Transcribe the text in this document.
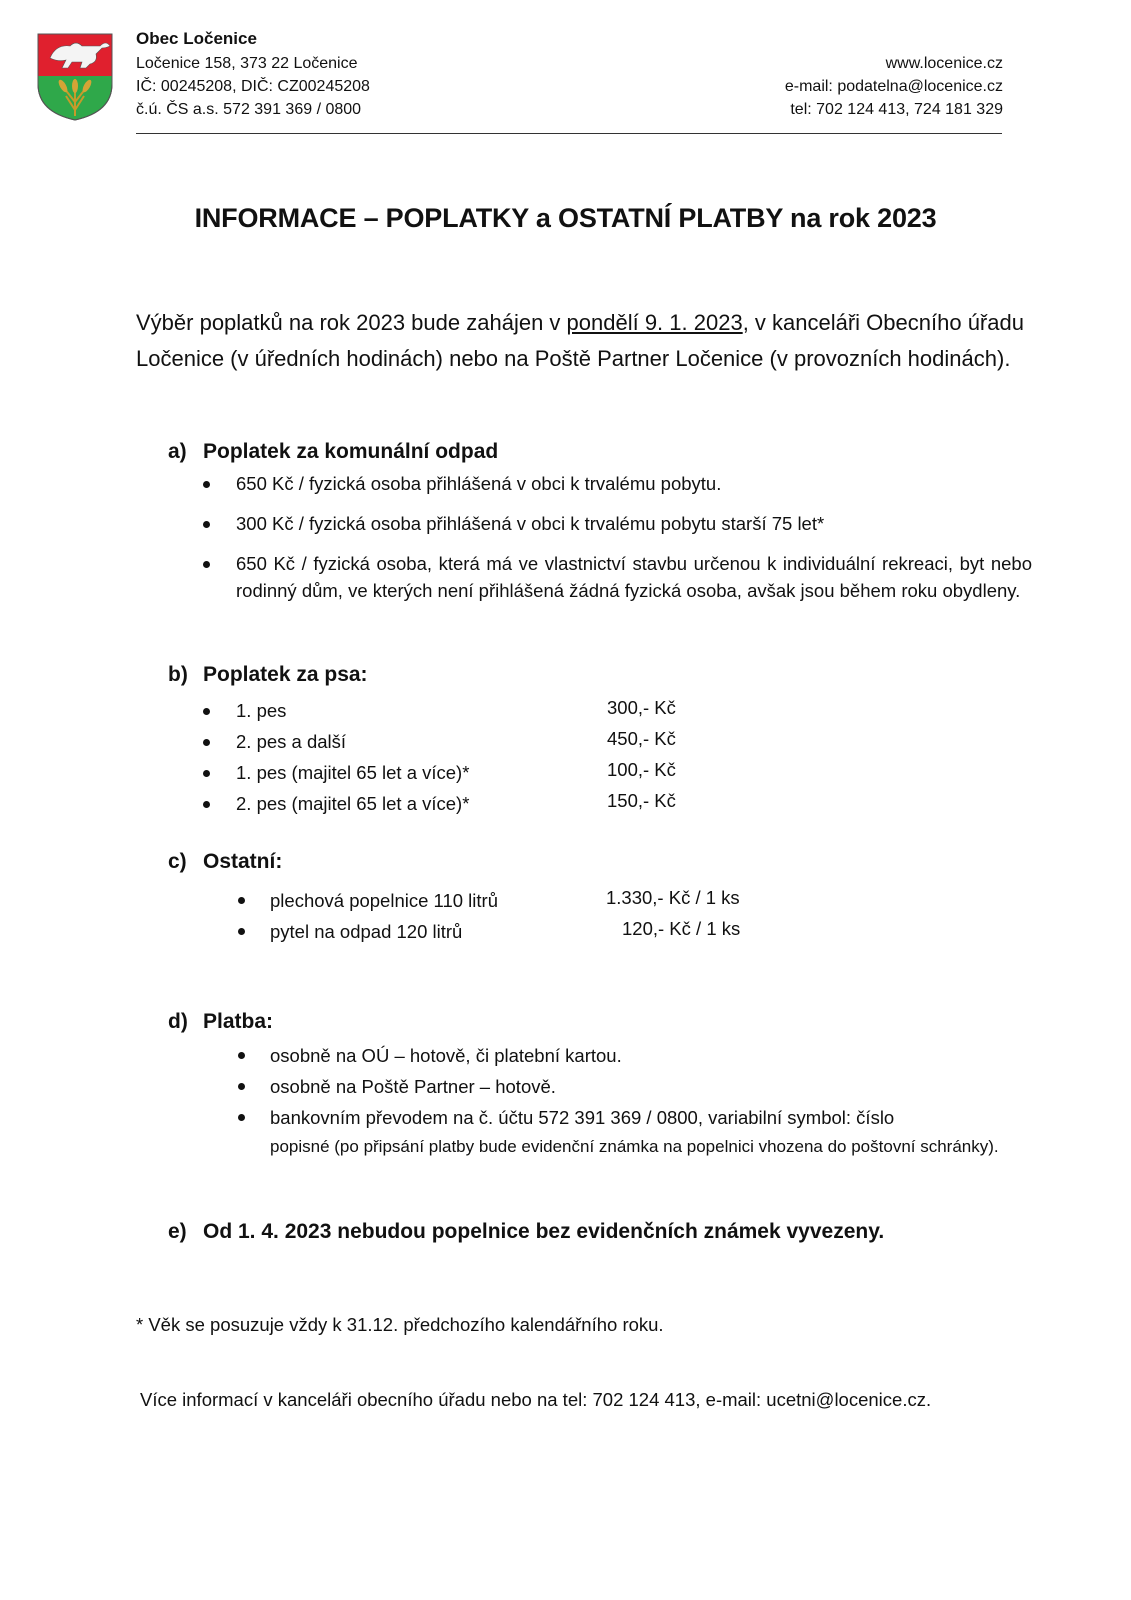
Obec Ločenice
Ločenice 158, 373 22 Ločenice
IČ: 00245208, DIČ: CZ00245208
č.ú. ČS a.s. 572 391 369 / 0800
www.locenice.cz
e-mail: podatelna@locenice.cz
tel: 702 124 413, 724 181 329
INFORMACE – POPLATKY a OSTATNÍ PLATBY na rok 2023
Výběr poplatků na rok 2023 bude zahájen v pondělí 9. 1. 2023, v kanceláři Obecního úřadu Ločenice (v úředních hodinách) nebo na Poště Partner Ločenice (v provozních hodinách).
a) Poplatek za komunální odpad
650 Kč / fyzická osoba přihlášená v obci k trvalému pobytu.
300 Kč / fyzická osoba přihlášená v obci k trvalému pobytu starší 75 let*
650 Kč / fyzická osoba, která má ve vlastnictví stavbu určenou k individuální rekreaci, byt nebo rodinný dům, ve kterých není přihlášená žádná fyzická osoba, avšak jsou během roku obydleny.
b) Poplatek za psa:
1. pes	300,- Kč
2. pes a další	450,- Kč
1. pes (majitel 65 let a více)*	100,- Kč
2. pes (majitel 65 let a více)*	150,- Kč
c) Ostatní:
plechová popelnice 110 litrů	1.330,- Kč / 1 ks
pytel na odpad 120 litrů	120,- Kč / 1 ks
d) Platba:
osobně na OÚ – hotově, či platební kartou.
osobně na Poště Partner – hotově.
bankovním převodem na č. účtu 572 391 369 / 0800, variabilní symbol: číslo
popisné (po připsání platby bude evidenční známka na popelnici vhozena do poštovní schránky).
e) Od 1. 4. 2023 nebudou popelnice bez evidenčních známek vyvezeny.
* Věk se posuzuje vždy k 31.12. předchozího kalendářního roku.
Více informací v kanceláři obecního úřadu nebo na tel: 702 124 413, e-mail: ucetni@locenice.cz.
